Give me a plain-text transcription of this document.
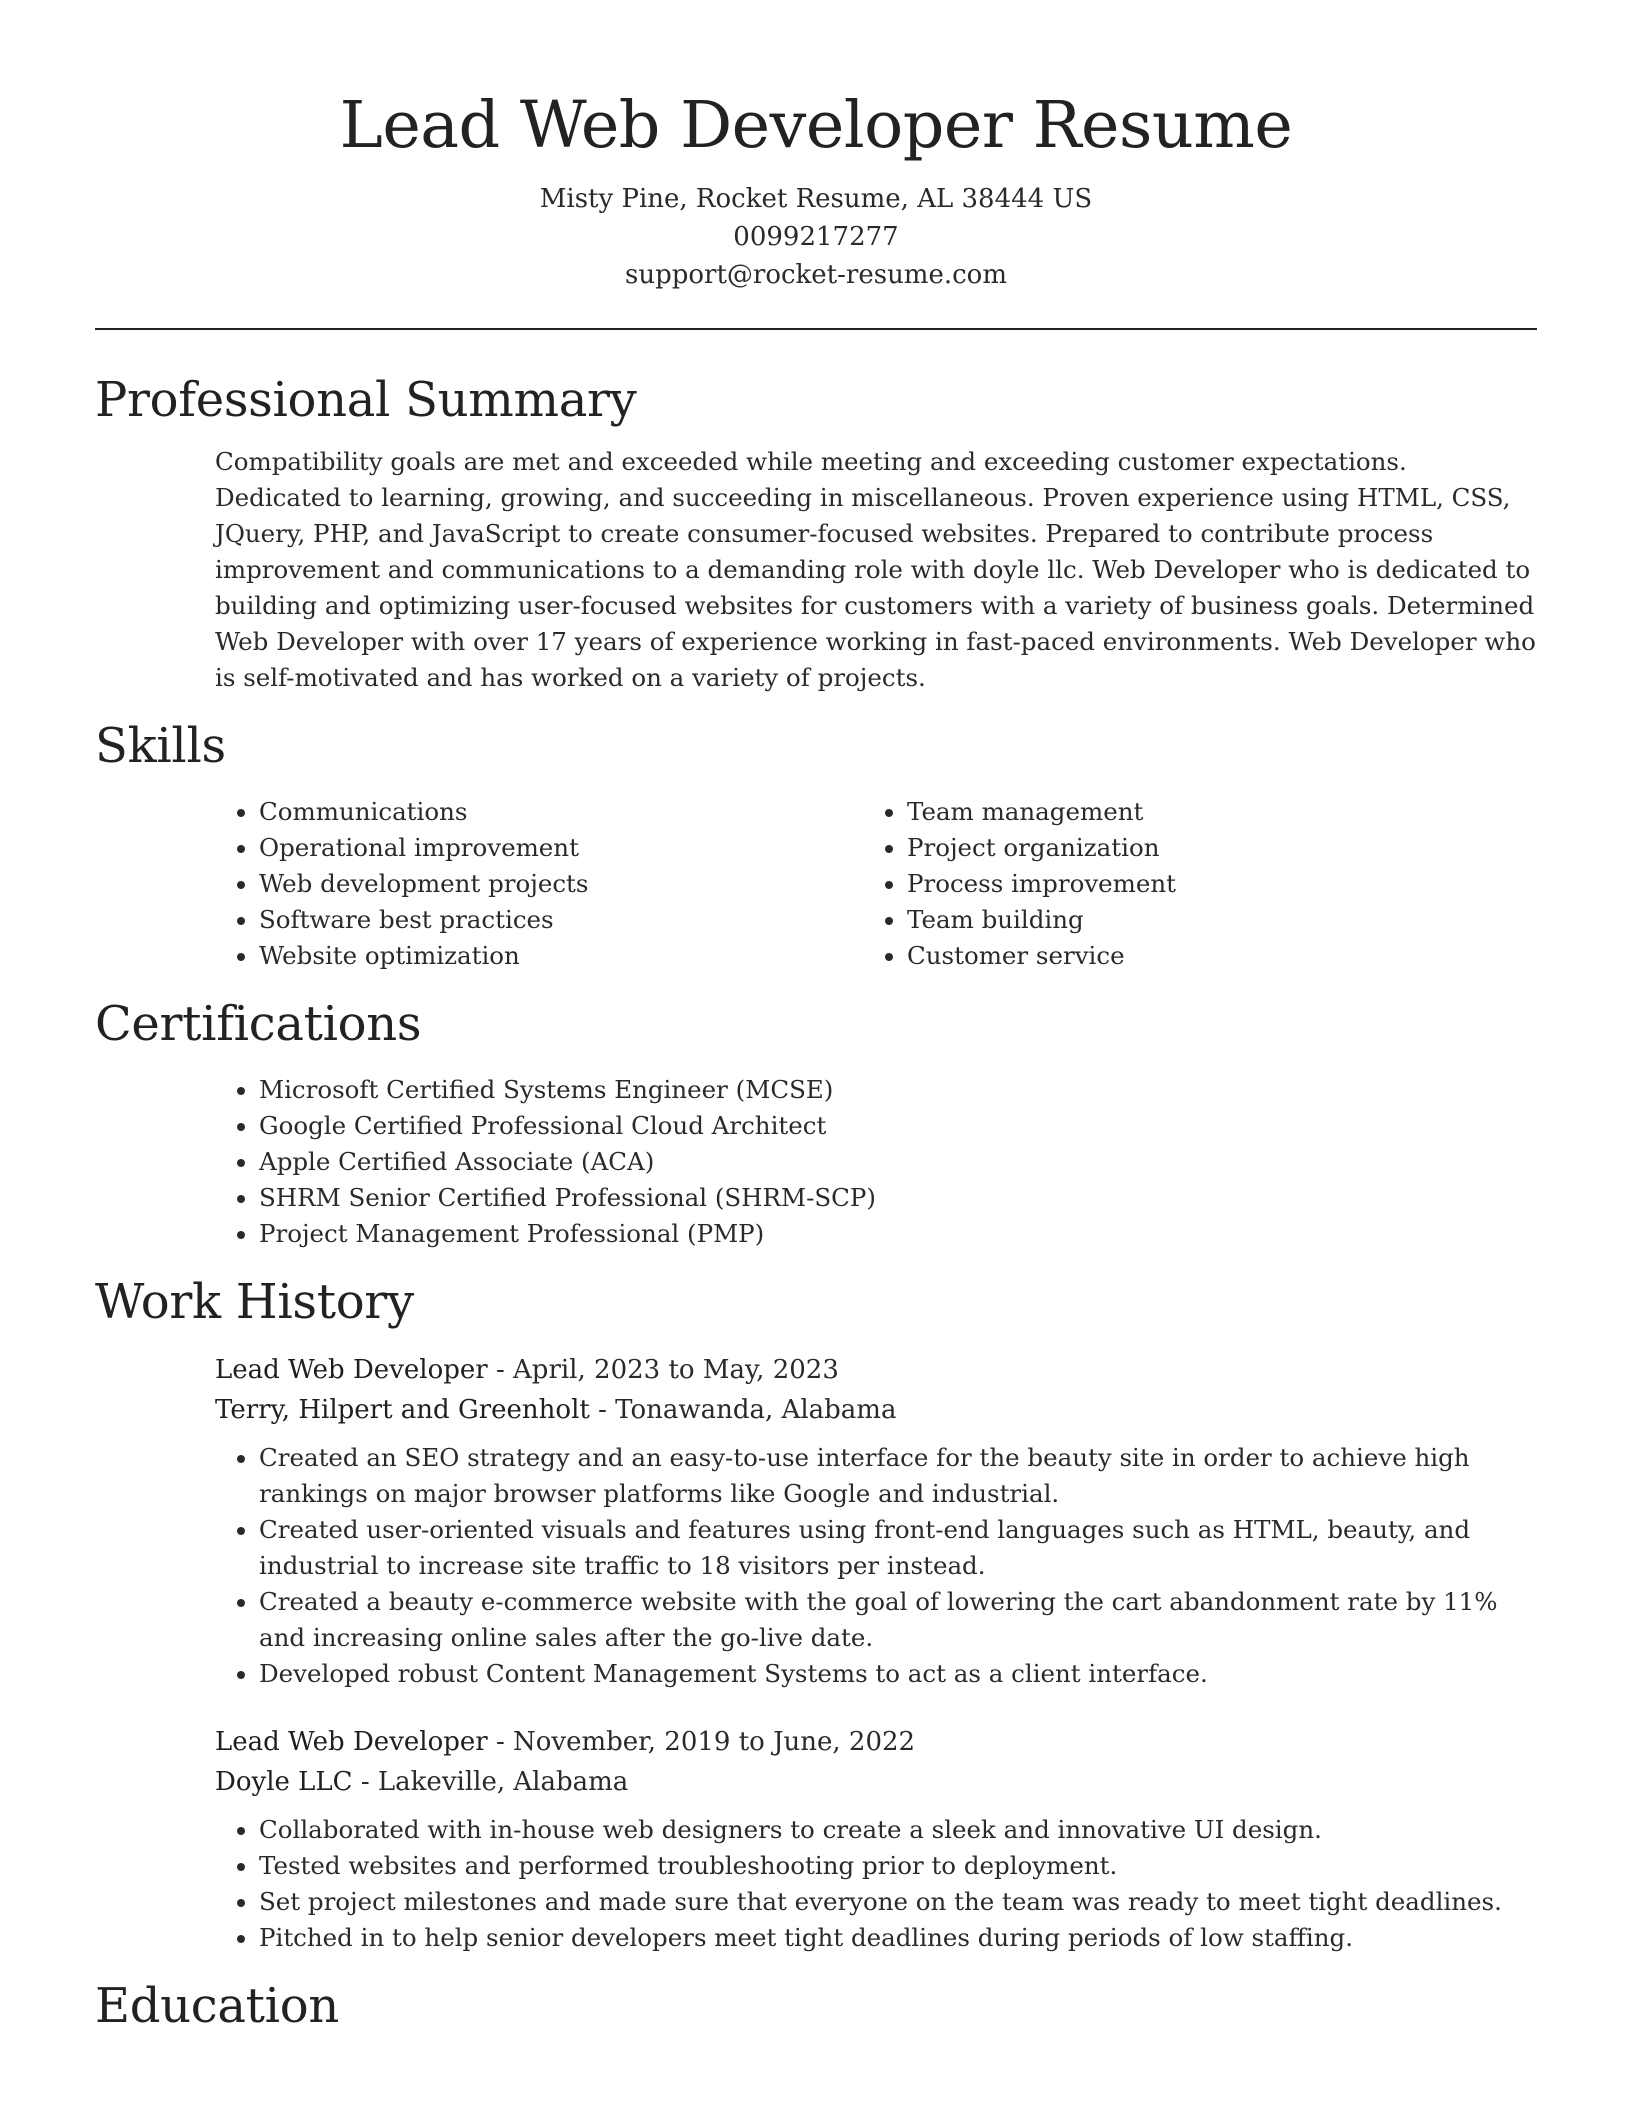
Lead Web Developer Resume
Misty Pine, Rocket Resume, AL 38444 US
0099217277
support@rocket-resume.com
Professional Summary

Compatibility goals are met and exceeded while meeting and exceeding customer expectations. Dedicated to learning, growing, and succeeding in miscellaneous. Proven experience using HTML, CSS, JQuery, PHP, and JavaScript to create consumer-focused websites. Prepared to contribute process improvement and communications to a demanding role with doyle llc. Web Developer who is dedicated to building and optimizing user-focused websites for customers with a variety of business goals. Determined Web Developer with over 17 years of experience working in fast-paced environments. Web Developer who is self-motivated and has worked on a variety of projects.

Skills
• Communications
• Operational improvement
• Web development projects
• Software best practices
• Website optimization
• Team management
• Project organization
• Process improvement
• Team building
• Customer service
Certifications
• Microsoft Certified Systems Engineer (MCSE)
• Google Certified Professional Cloud Architect
• Apple Certified Associate (ACA)
• SHRM Senior Certified Professional (SHRM-SCP)
• Project Management Professional (PMP)
Work History
Lead Web Developer - April, 2023 to May, 2023
Terry, Hilpert and Greenholt - Tonawanda, Alabama
• Created an SEO strategy and an easy-to-use interface for the beauty site in order to achieve high rankings on major browser platforms like Google and industrial.
• Created user-oriented visuals and features using front-end languages such as HTML, beauty, and industrial to increase site traffic to 18 visitors per instead.
• Created a beauty e-commerce website with the goal of lowering the cart abandonment rate by 11% and increasing online sales after the go-live date.
• Developed robust Content Management Systems to act as a client interface.
Lead Web Developer - November, 2019 to June, 2022
Doyle LLC - Lakeville, Alabama
• Collaborated with in-house web designers to create a sleek and innovative UI design.
• Tested websites and performed troubleshooting prior to deployment.
• Set project milestones and made sure that everyone on the team was ready to meet tight deadlines.
• Pitched in to help senior developers meet tight deadlines during periods of low staffing.
Education
